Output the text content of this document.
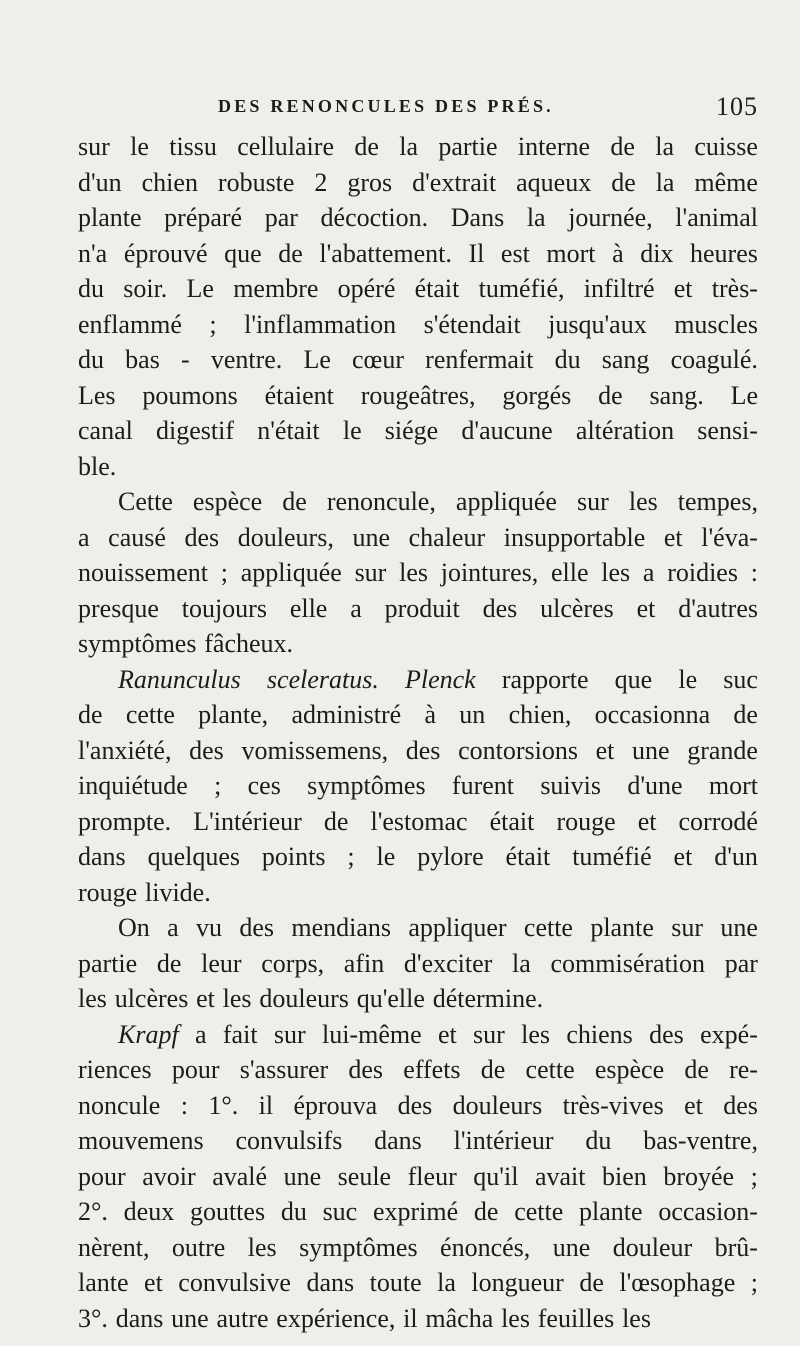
DES RENONCULES DES PRÉS.	105
sur le tissu cellulaire de la partie interne de la cuisse
d'un chien robuste 2 gros d'extrait aqueux de la même
plante préparé par décoction. Dans la journée, l'animal
n'a éprouvé que de l'abattement. Il est mort à dix heures
du soir. Le membre opéré était tuméfié, infiltré et très-
enflammé ; l'inflammation s'étendait jusqu'aux muscles
du bas - ventre. Le cœur renfermait du sang coagulé.
Les poumons étaient rougeâtres, gorgés de sang. Le
canal digestif n'était le siége d'aucune altération sensi-
ble.
Cette espèce de renoncule, appliquée sur les tempes,
a causé des douleurs, une chaleur insupportable et l'éva-
nouissement ; appliquée sur les jointures, elle les a roidies :
presque toujours elle a produit des ulcères et d'autres
symptômes fâcheux.
Ranunculus sceleratus. Plenck rapporte que le suc
de cette plante, administré à un chien, occasionna de
l'anxiété, des vomissemens, des contorsions et une grande
inquiétude ; ces symptômes furent suivis d'une mort
prompte. L'intérieur de l'estomac était rouge et corrodé
dans quelques points ; le pylore était tuméfié et d'un
rouge livide.
On a vu des mendians appliquer cette plante sur une
partie de leur corps, afin d'exciter la commisération par
les ulcères et les douleurs qu'elle détermine.
Krapf a fait sur lui-même et sur les chiens des expé-
riences pour s'assurer des effets de cette espèce de re-
noncule : 1°. il éprouva des douleurs très-vives et des
mouvemens convulsifs dans l'intérieur du bas-ventre,
pour avoir avalé une seule fleur qu'il avait bien broyée ;
2°. deux gouttes du suc exprimé de cette plante occasion-
nèrent, outre les symptômes énoncés, une douleur brû-
lante et convulsive dans toute la longueur de l'œsophage ;
3°. dans une autre expérience, il mâcha les feuilles les
